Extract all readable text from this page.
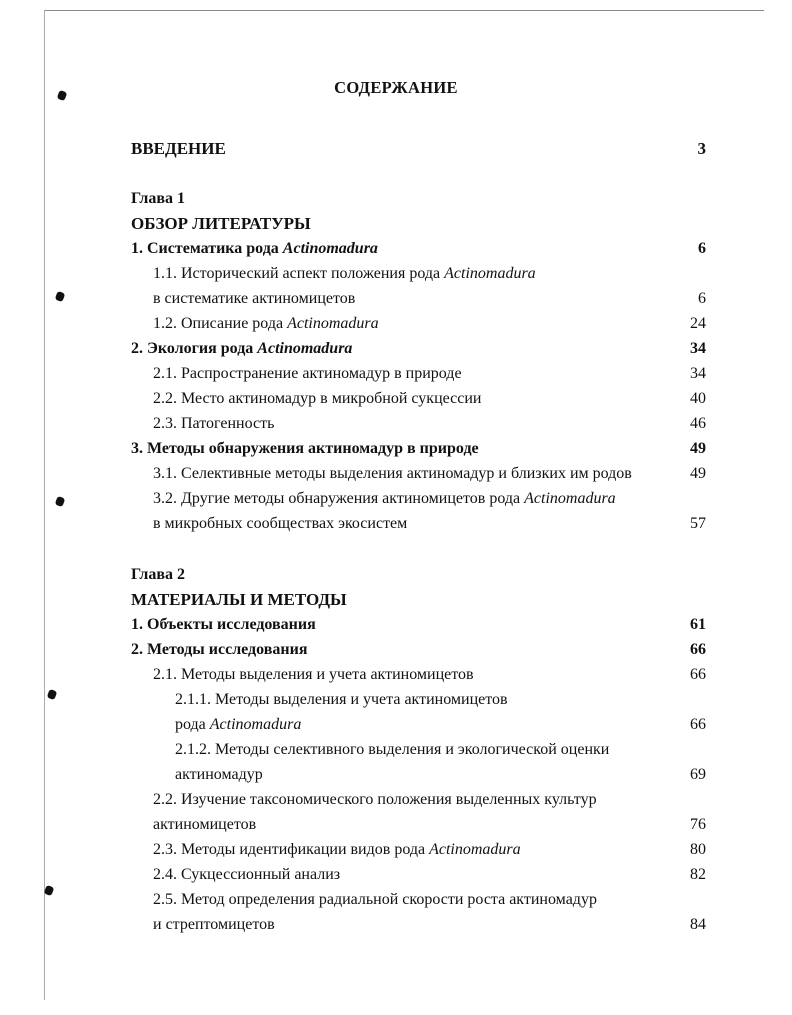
СОДЕРЖАНИЕ
ВВЕДЕНИЕ	3
Глава 1
ОБЗОР ЛИТЕРАТУРЫ
1. Систематика рода Actinomadura	6
1.1. Исторический аспект положения рода Actinomadura
в систематике актиномицетов	6
1.2. Описание рода Actinomadura	24
2. Экология рода Actinomadura	34
2.1. Распространение актиномадур в природе	34
2.2. Место актиномадур в микробной сукцессии	40
2.3. Патогенность	46
3. Методы обнаружения актиномадур в природе	49
3.1. Селективные методы выделения актиномадур и близких им родов	49
3.2. Другие методы обнаружения актиномицетов рода Actinomadura
в микробных сообществах экосистем	57
Глава 2
МАТЕРИАЛЫ И МЕТОДЫ
1. Объекты исследования	61
2. Методы исследования	66
2.1. Методы выделения и учета актиномицетов	66
2.1.1. Методы выделения и учета актиномицетов
рода Actinomadura	66
2.1.2. Методы селективного выделения и экологической оценки
актиномадур	69
2.2. Изучение таксономического положения выделенных культур
актиномицетов	76
2.3. Методы идентификации видов рода Actinomadura	80
2.4. Сукцессионный анализ	82
2.5. Метод определения радиальной скорости роста актиномадур
и стрептомицетов	84
